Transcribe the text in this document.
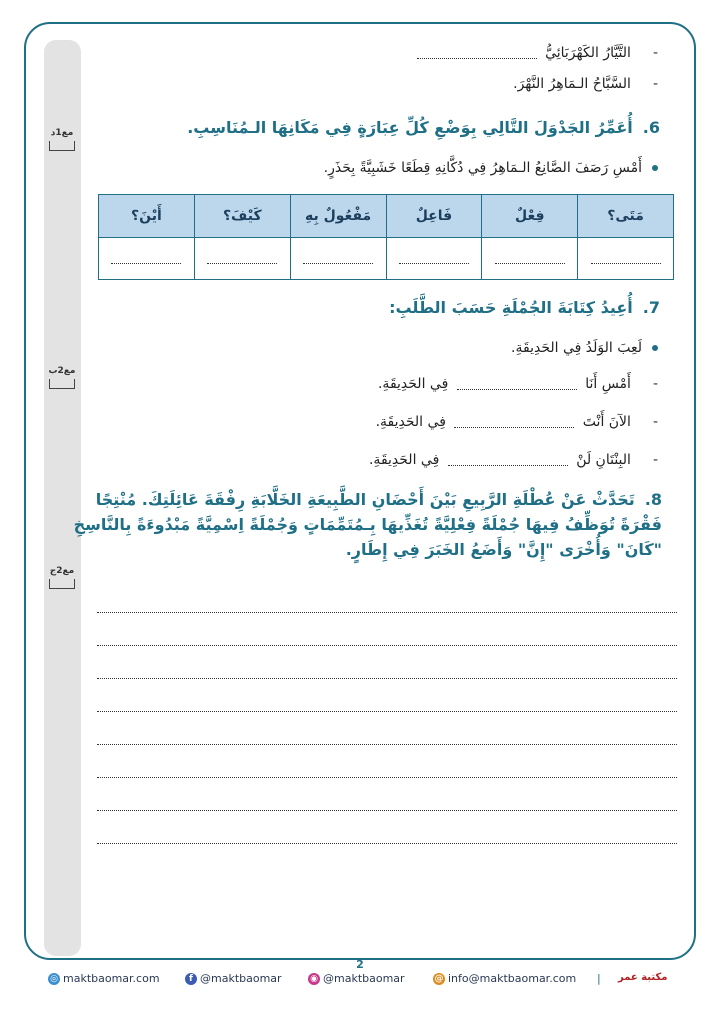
مع1د
مع2ب
مع2ج
-التَّيَّارُ الكَهْرَبَائِيُّ
-السَّبَّاحُ الـمَاهِرُ النَّهْرَ.
6.أُعَمِّرُ الجَدْوَلَ التَّالِي بِوَضْعِ كُلِّ عِبَارَةٍ فِي مَكَانِهَا الـمُنَاسِبِ.
أَمْسِ رَصَفَ الصَّانِعُ الـمَاهِرُ فِي دُكَّانِهِ قِطَعًا خَشَبِيَّةً بِحَذَرٍ.
مَتَى؟	فِعْلٌ	فَاعِلٌ	مَفْعُولٌ بِهِ	كَيْفَ؟	أَيْنَ؟

7.أُعِيدُ كِتَابَةَ الجُمْلَةِ حَسَبَ الطَّلَبِ:
لَعِبَ الوَلَدُ فِي الحَدِيقَةِ.
-أَمْسِ أَنَا  فِي الحَدِيقَةِ.
-الآنَ أَنْتَ  فِي الحَدِيقَةِ.
-البِنْتَانِ لَنْ  فِي الحَدِيقَةِ.
8.تَحَدَّثْ عَنْ عُطْلَةِ الرَّبِيعِ بَيْنَ أَحْضَانِ الطَّبِيعَةِ الخَلَّابَةِ رِفْقَةَ عَائِلَتِكَ. مُنْتِجًا فَقْرَةً تُوَظِّفُ فِيهَا جُمْلَةً فِعْلِيَّةً تُغَذِّيهَا بِـمُتَمِّمَاتٍ وَجُمْلَةً اِسْمِيَّةً مَبْدُوءَةً بِالنَّاسِخِ "كَانَ" وَأُخْرَى "إِنَّ" وَأَضَعُ الخَبَرَ فِي إِطَارٍ.
2
◎ maktbaomar.com	f @maktbaomar	◉ @maktbaomar	@ info@maktbaomar.com | مكتبة عمر
